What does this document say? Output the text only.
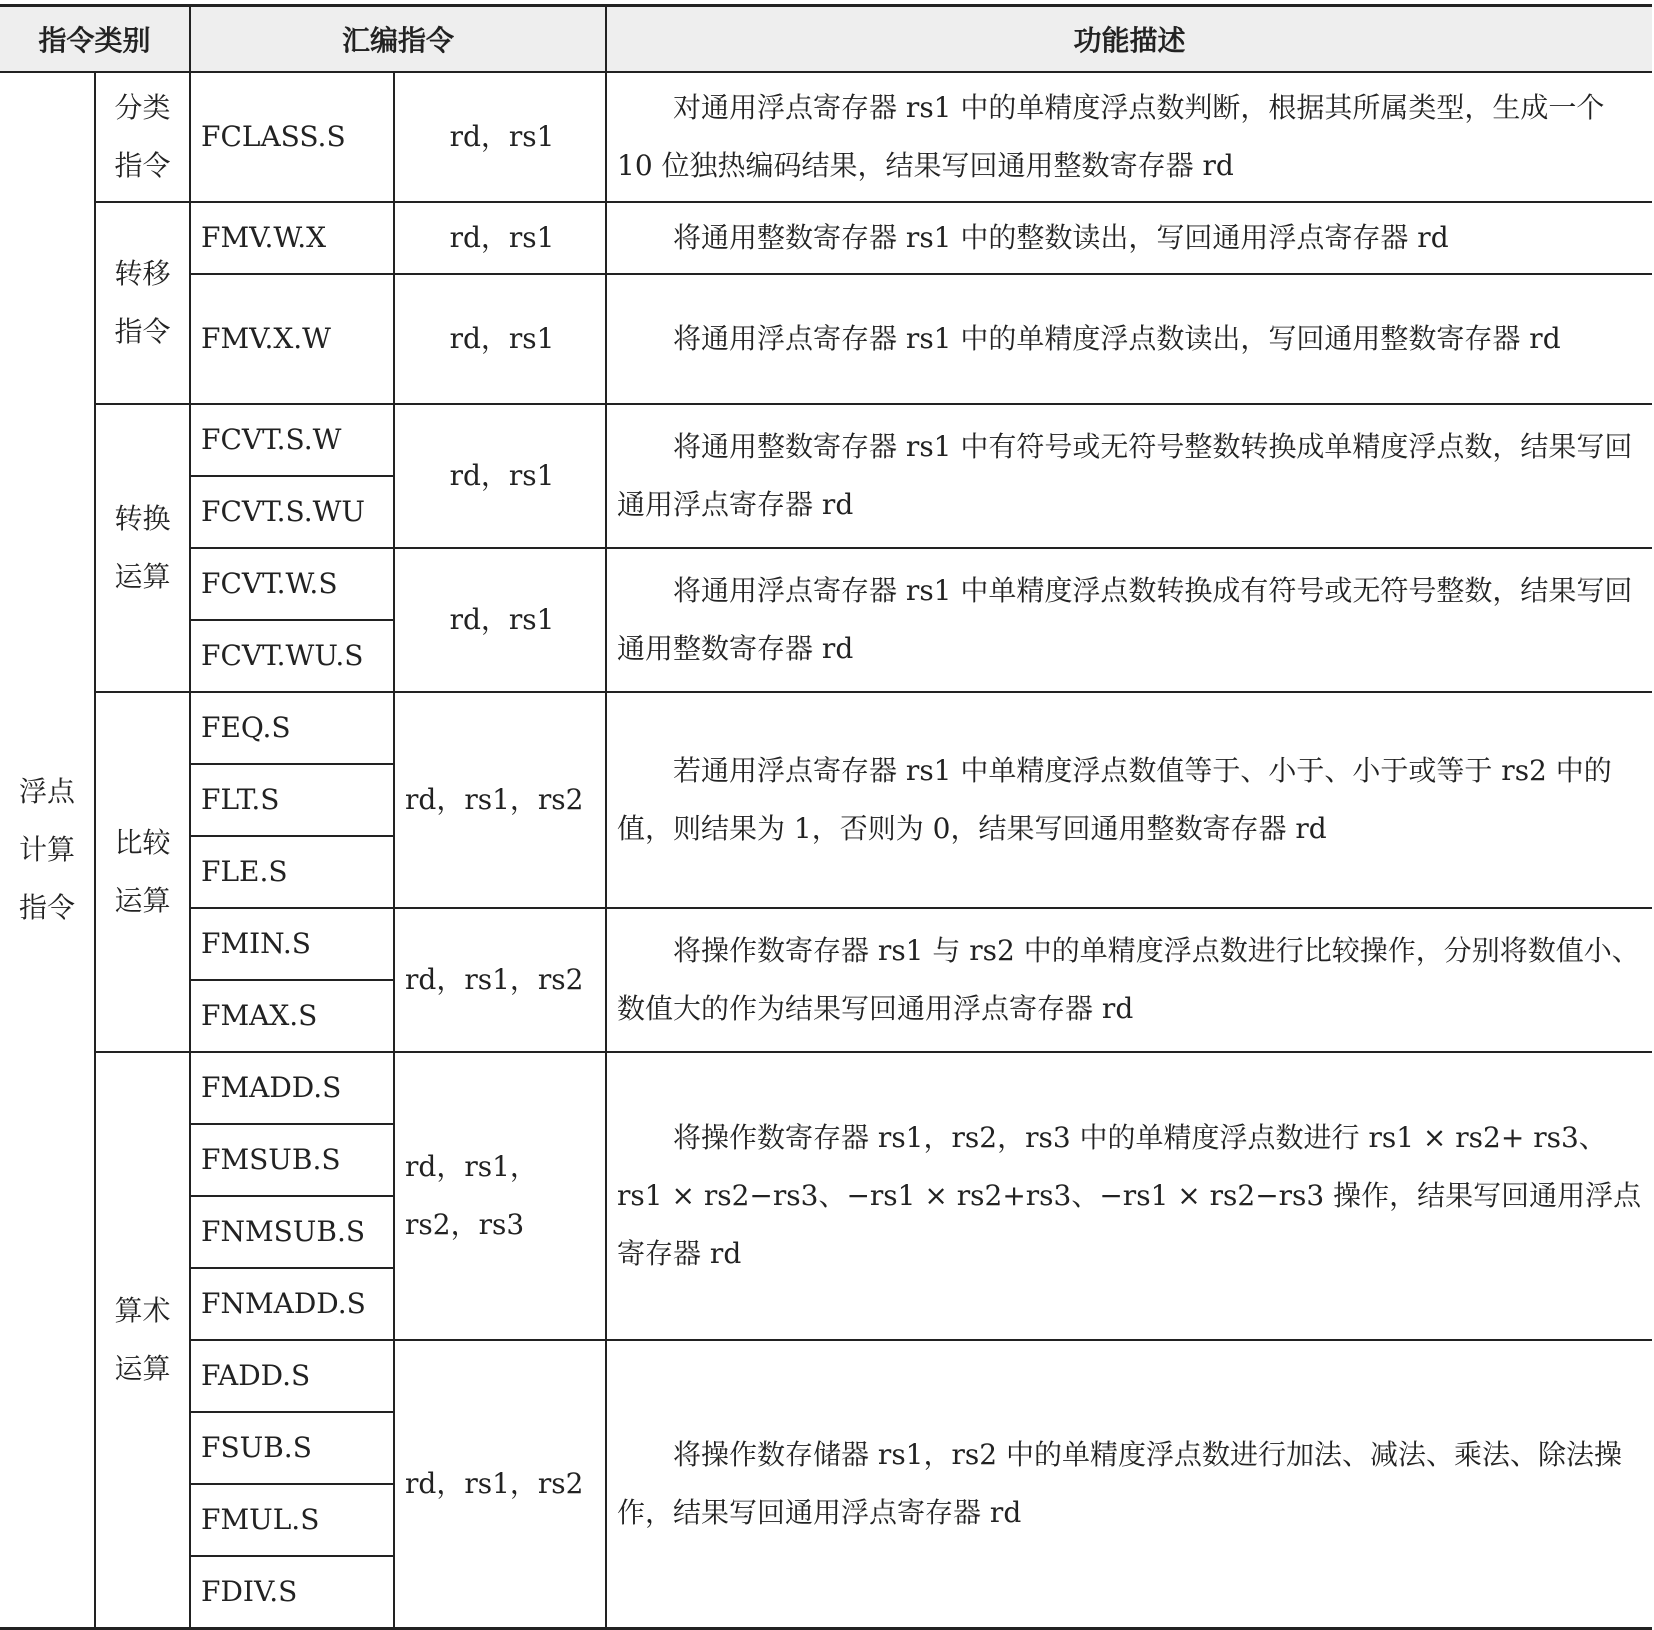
指令类别		汇编指令		功能描述
浮点计算指令	分类指令	FCLASS.S	rd，rs1	对通用浮点寄存器 rs1 中的单精度浮点数判断，根据其所属类型，生成一个 10 位独热编码结果，结果写回通用整数寄存器 rd
	转移指令	FMV.W.X	rd，rs1	将通用整数寄存器 rs1 中的整数读出，写回通用浮点寄存器 rd
		FMV.X.W	rd，rs1	将通用浮点寄存器 rs1 中的单精度浮点数读出，写回通用整数寄存器 rd
	转换运算	FCVT.S.W	rd，rs1	将通用整数寄存器 rs1 中有符号或无符号整数转换成单精度浮点数，结果写回通用浮点寄存器 rd
		FCVT.S.WU		
		FCVT.W.S	rd，rs1	将通用浮点寄存器 rs1 中单精度浮点数转换成有符号或无符号整数，结果写回通用整数寄存器 rd
		FCVT.WU.S		
	比较运算	FEQ.S	rd，rs1，rs2	若通用浮点寄存器 rs1 中单精度浮点数值等于、小于、小于或等于 rs2 中的值，则结果为 1，否则为 0，结果写回通用整数寄存器 rd
		FLT.S		
		FLE.S		
		FMIN.S	rd，rs1，rs2	将操作数寄存器 rs1 与 rs2 中的单精度浮点数进行比较操作，分别将数值小、数值大的作为结果写回通用浮点寄存器 rd
		FMAX.S		
	算术运算	FMADD.S	rd，rs1，rs2，rs3	将操作数寄存器 rs1，rs2，rs3 中的单精度浮点数进行 rs1 × rs2+ rs3、rs1 × rs2−rs3、−rs1 × rs2+rs3、−rs1 × rs2−rs3 操作，结果写回通用浮点寄存器 rd
		FMSUB.S		
		FNMSUB.S		
		FNMADD.S		
		FADD.S	rd，rs1，rs2	将操作数存储器 rs1，rs2 中的单精度浮点数进行加法、减法、乘法、除法操作，结果写回通用浮点寄存器 rd
		FSUB.S		
		FMUL.S		
		FDIV.S		
